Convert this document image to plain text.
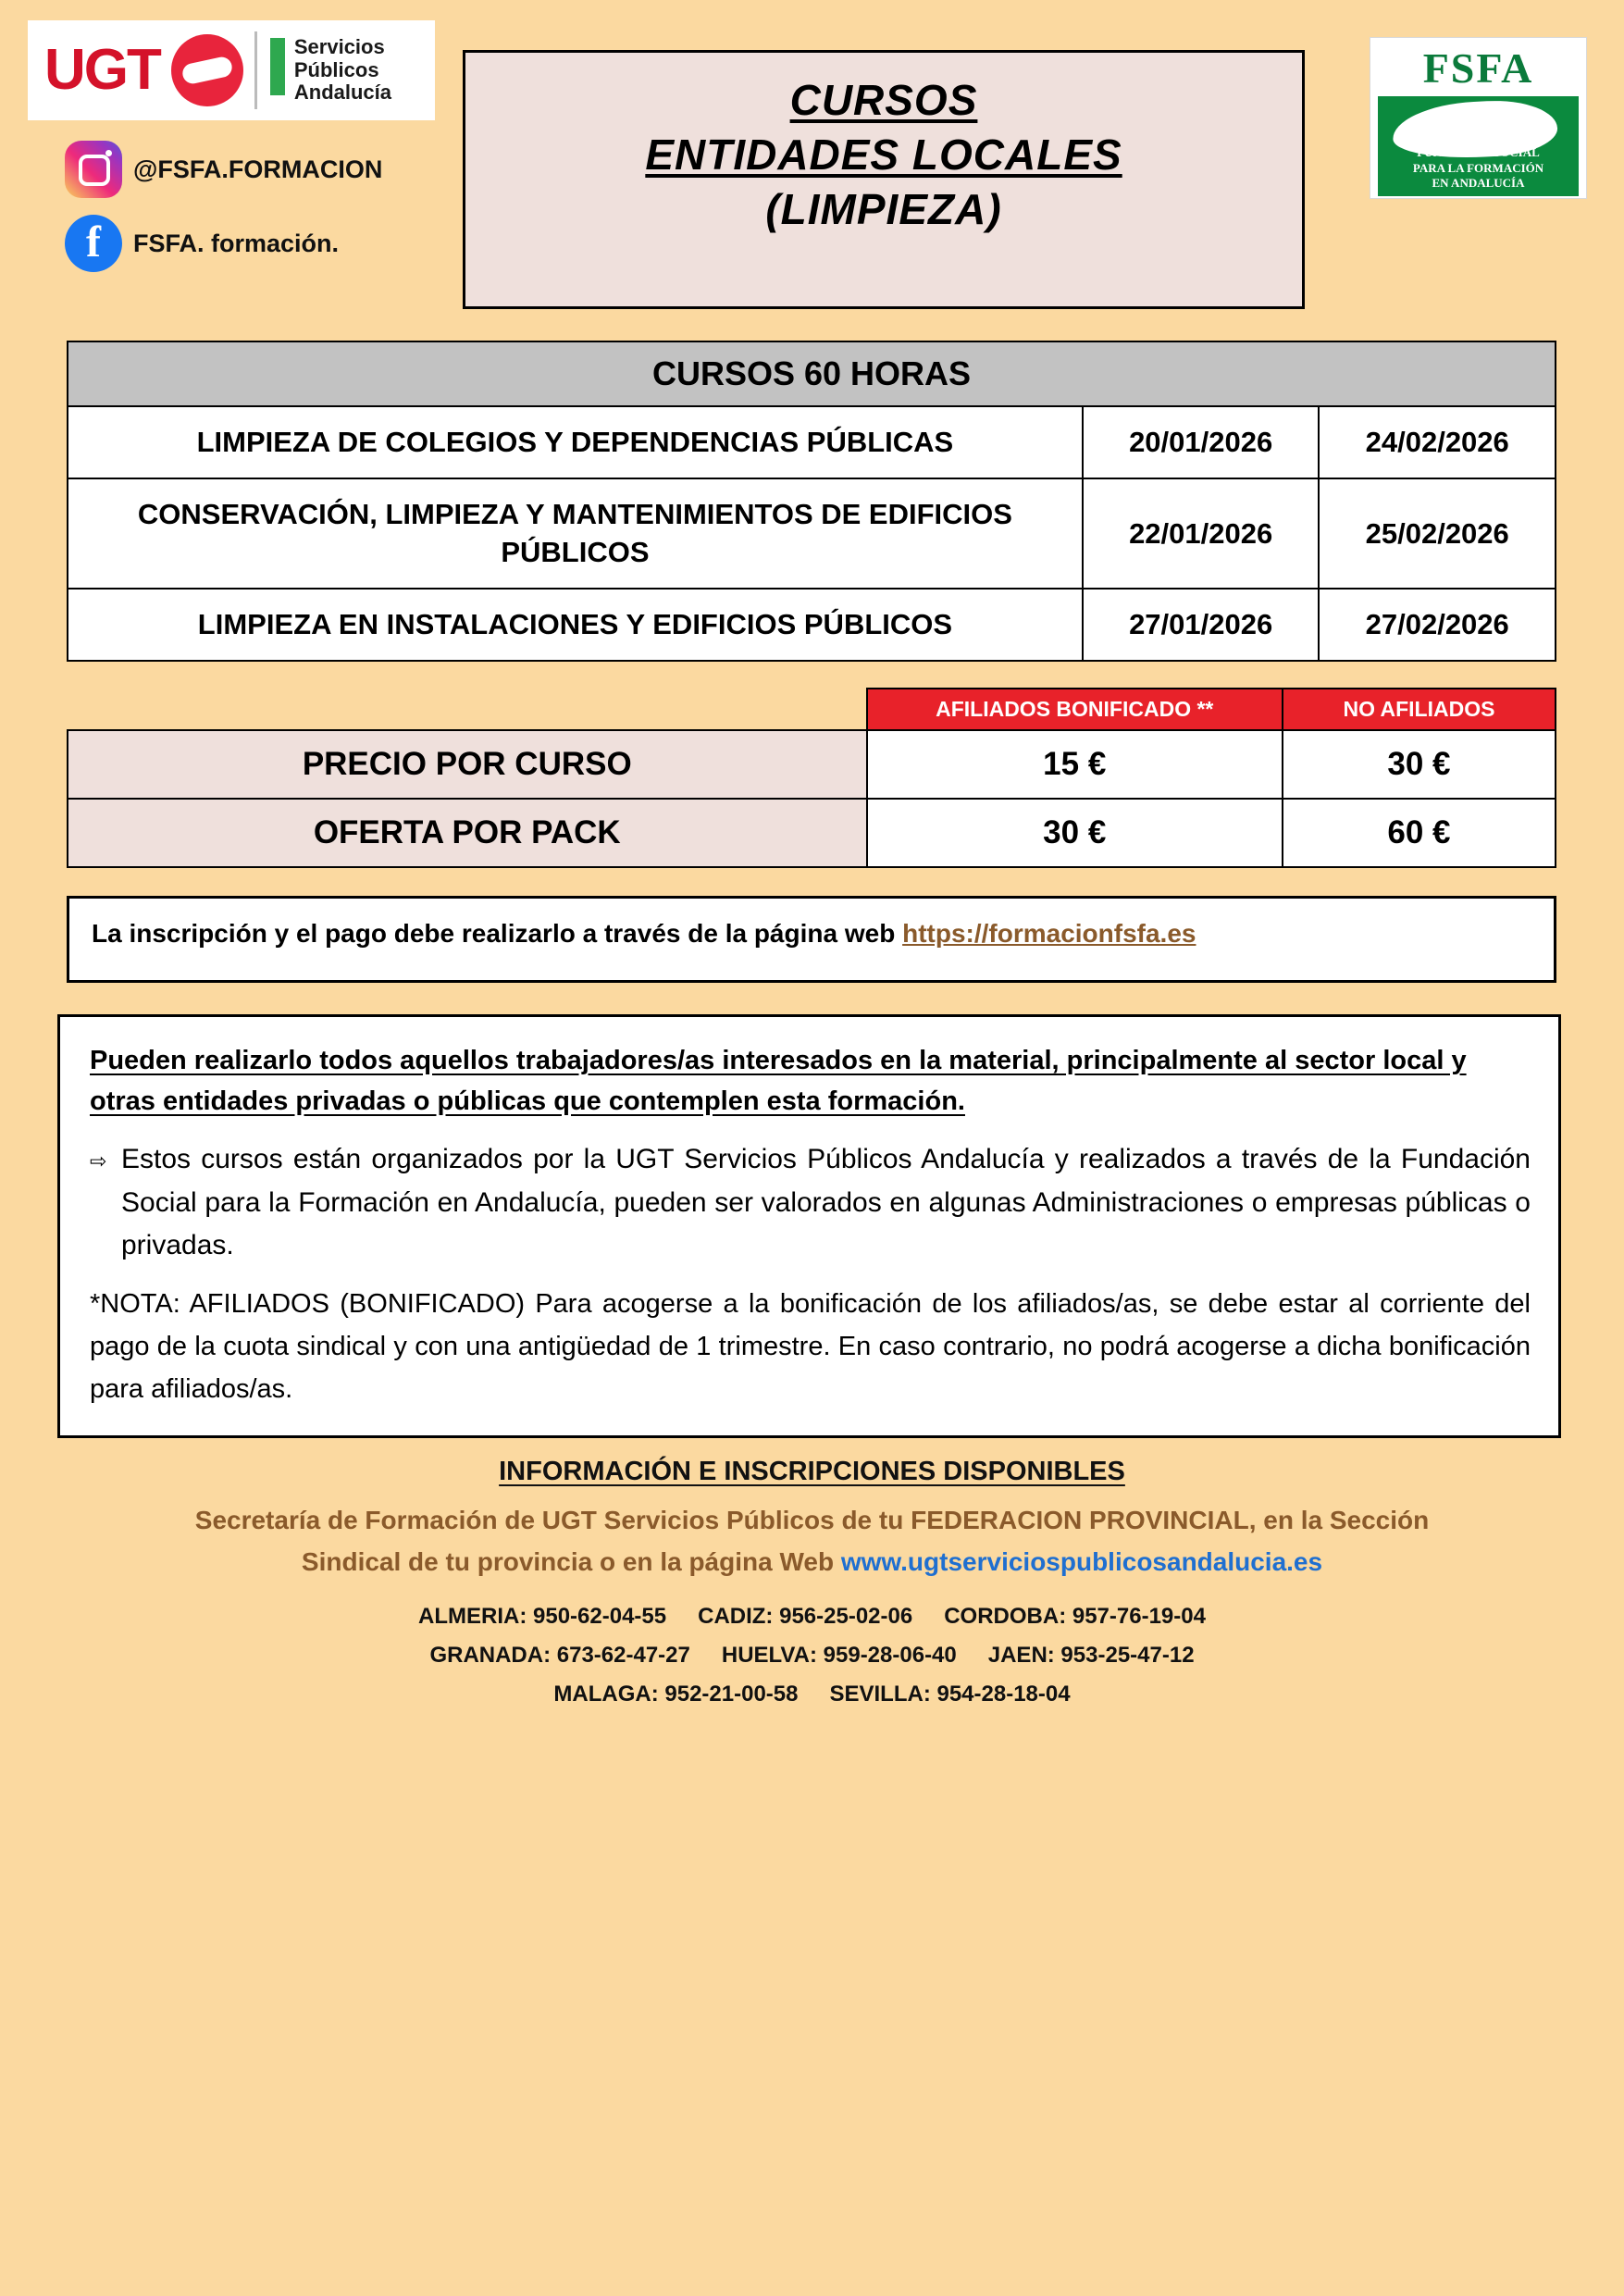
UGT	Servicios
Públicos
Andalucía
@FSFA.FORMACION
f	FSFA. formación.
CURSOS
ENTIDADES LOCALES
(LIMPIEZA)
FSFA
FUNDACIÓN SOCIAL
PARA LA FORMACIÓN
EN ANDALUCÍA
CURSOS 60 HORAS		
LIMPIEZA DE COLEGIOS Y DEPENDENCIAS PÚBLICAS	20/01/2026	24/02/2026
CONSERVACIÓN, LIMPIEZA Y MANTENIMIENTOS DE EDIFICIOS PÚBLICOS	22/01/2026	25/02/2026
LIMPIEZA EN INSTALACIONES Y EDIFICIOS PÚBLICOS	27/01/2026	27/02/2026
	AFILIADOS BONIFICADO **	NO AFILIADOS
PRECIO POR CURSO	15 €	30 €
OFERTA POR PACK	30 €	60 €
La inscripción y el pago debe realizarlo a través de la página web https://formacionfsfa.es
Pueden realizarlo todos aquellos trabajadores/as interesados en la material, principalmente al sector local y otras entidades privadas o públicas que contemplen esta formación.
⇨ Estos cursos están organizados por la UGT Servicios Públicos Andalucía y realizados a través de la Fundación Social para la Formación en Andalucía, pueden ser valorados en algunas Administraciones o empresas públicas o privadas.
*NOTA: AFILIADOS (BONIFICADO) Para acogerse a la bonificación de los afiliados/as, se debe estar al corriente del pago de la cuota sindical y con una antigüedad de 1 trimestre. En caso contrario, no podrá acogerse a dicha bonificación para afiliados/as.
INFORMACIÓN E INSCRIPCIONES DISPONIBLES
Secretaría de Formación de UGT Servicios Públicos de tu FEDERACION PROVINCIAL, en la Sección
Sindical de tu provincia o en la página Web www.ugtserviciospublicosandalucia.es
ALMERIA: 950-62-04-55 CADIZ: 956-25-02-06 CORDOBA: 957-76-19-04
GRANADA: 673-62-47-27 HUELVA: 959-28-06-40 JAEN: 953-25-47-12
MALAGA: 952-21-00-58 SEVILLA: 954-28-18-04
